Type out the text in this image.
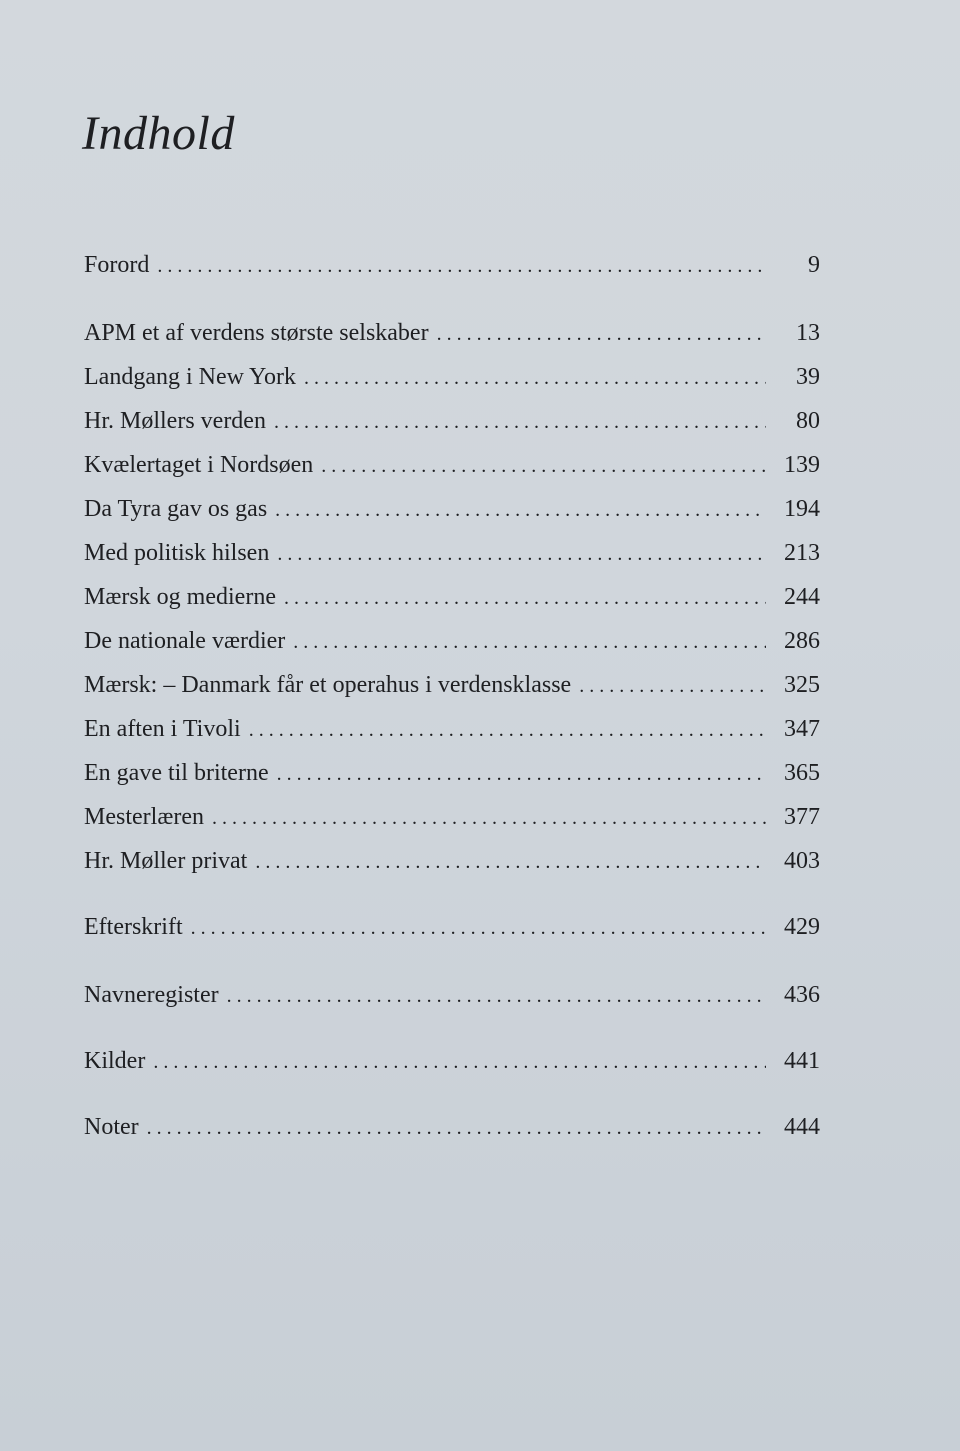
Indhold
Forord . . .	9
APM et af verdens største selskaber . . .	13
Landgang i New York . . .	39
Hr. Møllers verden . . .	80
Kvælertaget i Nordsøen . . .	139
Da Tyra gav os gas . . .	194
Med politisk hilsen . . .	213
Mærsk og medierne . . .	244
De nationale værdier . . .	286
Mærsk: – Danmark får et operahus i verdensklasse . . .	325
En aften i Tivoli . . .	347
En gave til briterne . . .	365
Mesterlæren . . .	377
Hr. Møller privat . . .	403
Efterskrift . . .	429
Navneregister . . .	436
Kilder . . .	441
Noter . . .	444
